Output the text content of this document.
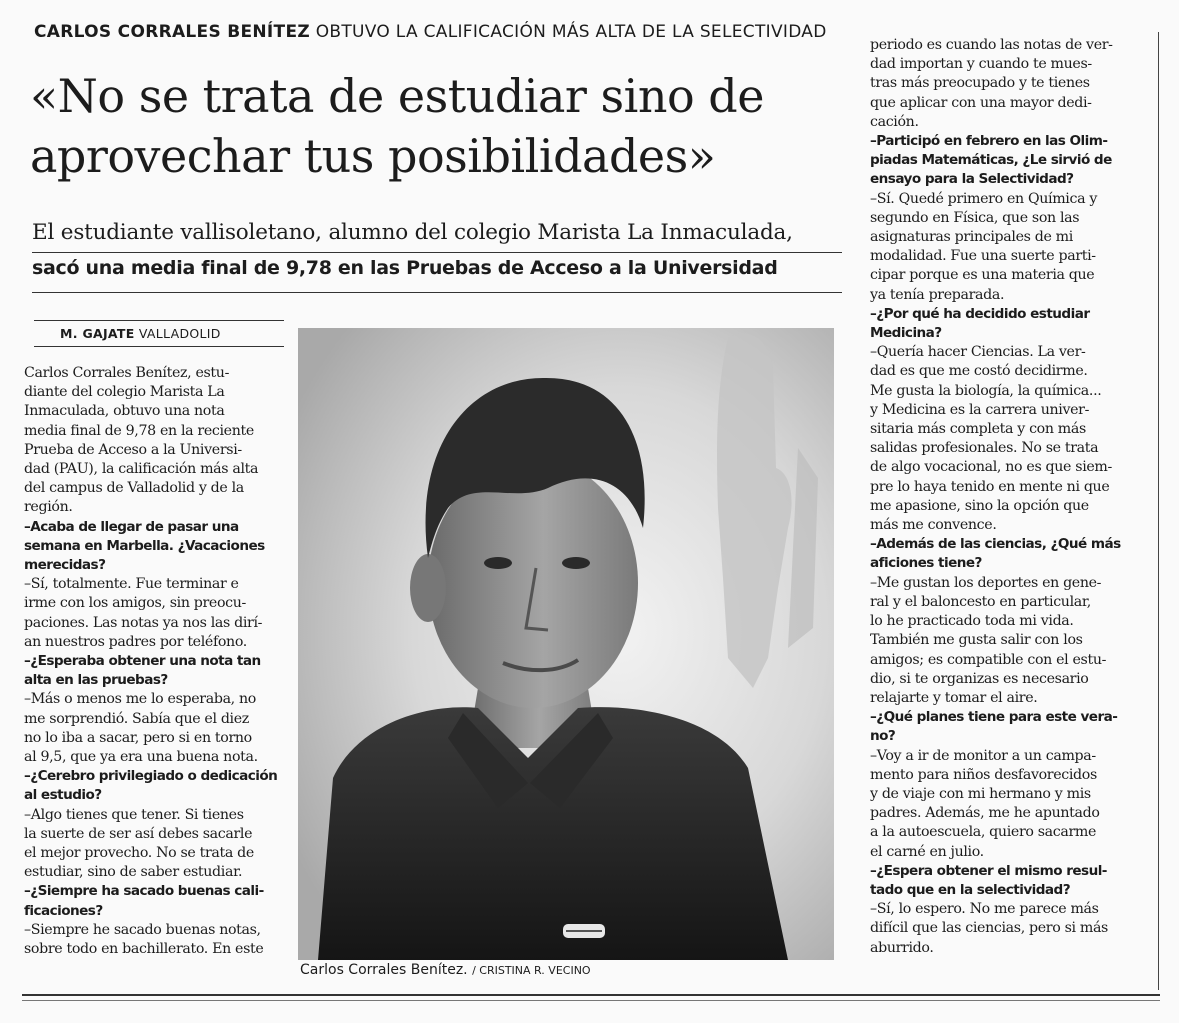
CARLOS CORRALES BENÍTEZ OBTUVO LA CALIFICACIÓN MÁS ALTA DE LA SELECTIVIDAD
«No se trata de estudiar sino de
aprovechar tus posibilidades»
El estudiante vallisoletano, alumno del colegio Marista La Inmaculada,
sacó una media final de 9,78 en las Pruebas de Acceso a la Universidad
M. GAJATE VALLADOLID
Carlos Corrales Benítez, estu-
diante del colegio Marista La
Inmaculada, obtuvo una nota
media final de 9,78 en la reciente
Prueba de Acceso a la Universi-
dad (PAU), la calificación más alta
del campus de Valladolid y de la
región.
–Acaba de llegar de pasar una
semana en Marbella. ¿Vacaciones
merecidas?
–Sí, totalmente. Fue terminar e
irme con los amigos, sin preocu-
paciones. Las notas ya nos las dirí-
an nuestros padres por teléfono.
–¿Esperaba obtener una nota tan
alta en las pruebas?
–Más o menos me lo esperaba, no
me sorprendió. Sabía que el diez
no lo iba a sacar, pero si en torno
al 9,5, que ya era una buena nota.
–¿Cerebro privilegiado o dedicación
al estudio?
–Algo tienes que tener. Si tienes
la suerte de ser así debes sacarle
el mejor provecho. No se trata de
estudiar, sino de saber estudiar.
–¿Siempre ha sacado buenas cali-
ficaciones?
–Siempre he sacado buenas notas,
sobre todo en bachillerato. En este
Carlos Corrales Benítez. / CRISTINA R. VECINO
periodo es cuando las notas de ver-
dad importan y cuando te mues-
tras más preocupado y te tienes
que aplicar con una mayor dedi-
cación.
–Participó en febrero en las Olim-
piadas Matemáticas, ¿Le sirvió de
ensayo para la Selectividad?
–Sí. Quedé primero en Química y
segundo en Física, que son las
asignaturas principales de mi
modalidad. Fue una suerte parti-
cipar porque es una materia que
ya tenía preparada.
–¿Por qué ha decidido estudiar
Medicina?
–Quería hacer Ciencias. La ver-
dad es que me costó decidirme.
Me gusta la biología, la química...
y Medicina es la carrera univer-
sitaria más completa y con más
salidas profesionales. No se trata
de algo vocacional, no es que siem-
pre lo haya tenido en mente ni que
me apasione, sino la opción que
más me convence.
–Además de las ciencias, ¿Qué más
aficiones tiene?
–Me gustan los deportes en gene-
ral y el baloncesto en particular,
lo he practicado toda mi vida.
También me gusta salir con los
amigos; es compatible con el estu-
dio, si te organizas es necesario
relajarte y tomar el aire.
–¿Qué planes tiene para este vera-
no?
–Voy a ir de monitor a un campa-
mento para niños desfavorecidos
y de viaje con mi hermano y mis
padres. Además, me he apuntado
a la autoescuela, quiero sacarme
el carné en julio.
–¿Espera obtener el mismo resul-
tado que en la selectividad?
–Sí, lo espero. No me parece más
difícil que las ciencias, pero si más
aburrido.
